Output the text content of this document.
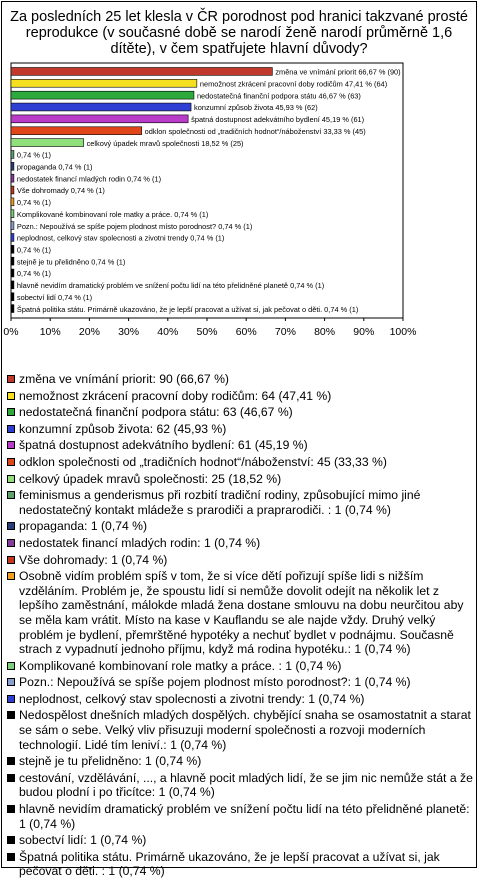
Za posledních 25 let klesla v ČR porodnost pod hranici takzvané prosté reprodukce (v současné době se narodí ženě narodí průměrně 1,6 dítěte), v čem spatřujete hlavní důvody?
změna ve vnímání priorit 66,67 % (90)
nemožnost zkrácení pracovní doby rodičům 47,41 % (64)
nedostatečná finanční podpora státu 46,67 % (63)
konzumní způsob života 45,93 % (62)
špatná dostupnost adekvátního bydlení 45,19 % (61)
odklon společnosti od „tradičních hodnot“/náboženství 33,33 % (45)
celkový úpadek mravů společnosti 18,52 % (25)
0,74 % (1)
propaganda 0,74 % (1)
nedostatek financí mladých rodin 0,74 % (1)
Vše dohromady 0,74 % (1)
0,74 % (1)
Komplikované kombinovaní role matky a práce. 0,74 % (1)
Pozn.: Nepoužívá se spíše pojem plodnost místo porodnost? 0,74 % (1)
neplodnost, celkový stav spolecnosti a zivotni trendy 0,74 % (1)
0,74 % (1)
stejně je tu přelidněno 0,74 % (1)
0,74 % (1)
hlavně nevidím dramatický problém ve snížení počtu lidí na této přelidněné planetě 0,74 % (1)
sobectví lidí 0,74 % (1)
Špatná politika státu. Primárně ukazováno, že je lepší pracovat a užívat si, jak pečovat o děti. 0,74 % (1)
0% 10% 20% 30% 40% 50% 60% 70% 80% 90% 100%
změna ve vnímání priorit: 90 (66,67 %)
nemožnost zkrácení pracovní doby rodičům: 64 (47,41 %)
nedostatečná finanční podpora státu: 63 (46,67 %)
konzumní způsob života: 62 (45,93 %)
špatná dostupnost adekvátního bydlení: 61 (45,19 %)
odklon společnosti od „tradičních hodnot“/náboženství: 45 (33,33 %)
celkový úpadek mravů společnosti: 25 (18,52 %)
feminismus a genderismus při rozbití tradiční rodiny, způsobující mimo jiné nedostatečný kontakt mládeže s prarodiči a praprarodiči. : 1 (0,74 %)
propaganda: 1 (0,74 %)
nedostatek financí mladých rodin: 1 (0,74 %)
Vše dohromady: 1 (0,74 %)
Osobně vidím problém spíš v tom, že si více dětí pořizují spíše lidi s nižším vzděláním. Problém je, že spoustu lidí si nemůže dovolit odejít na několik let z lepšího zaměstnání, málokde mladá žena dostane smlouvu na dobu neurčitou aby se měla kam vrátit. Místo na kase v Kauflandu se ale najde vždy. Druhý velký problém je bydlení, přemrštěné hypotéky a nechuť bydlet v podnájmu. Současně strach z vypadnutí jednoho příjmu, když má rodina hypotéku.: 1 (0,74 %)
Komplikované kombinovaní role matky a práce. : 1 (0,74 %)
Pozn.: Nepoužívá se spíše pojem plodnost místo porodnost?: 1 (0,74 %)
neplodnost, celkový stav spolecnosti a zivotni trendy: 1 (0,74 %)
Nedospělost dnešních mladých dospělých. chybějící snaha se osamostatnit a starat se sám o sebe. Velký vliv přisuzuji moderní společnosti a rozvoji moderních technologií. Lidé tím leniví.: 1 (0,74 %)
stejně je tu přelidněno: 1 (0,74 %)
cestování, vzdělávání, ..., a hlavně pocit mladých lidí, že se jim nic nemůže stát a že budou plodní i po třicítce: 1 (0,74 %)
hlavně nevidím dramatický problém ve snížení počtu lidí na této přelidněné planetě: 1 (0,74 %)
sobectví lidí: 1 (0,74 %)
Špatná politika státu. Primárně ukazováno, že je lepší pracovat a užívat si, jak pečovat o děti. : 1 (0,74 %)
